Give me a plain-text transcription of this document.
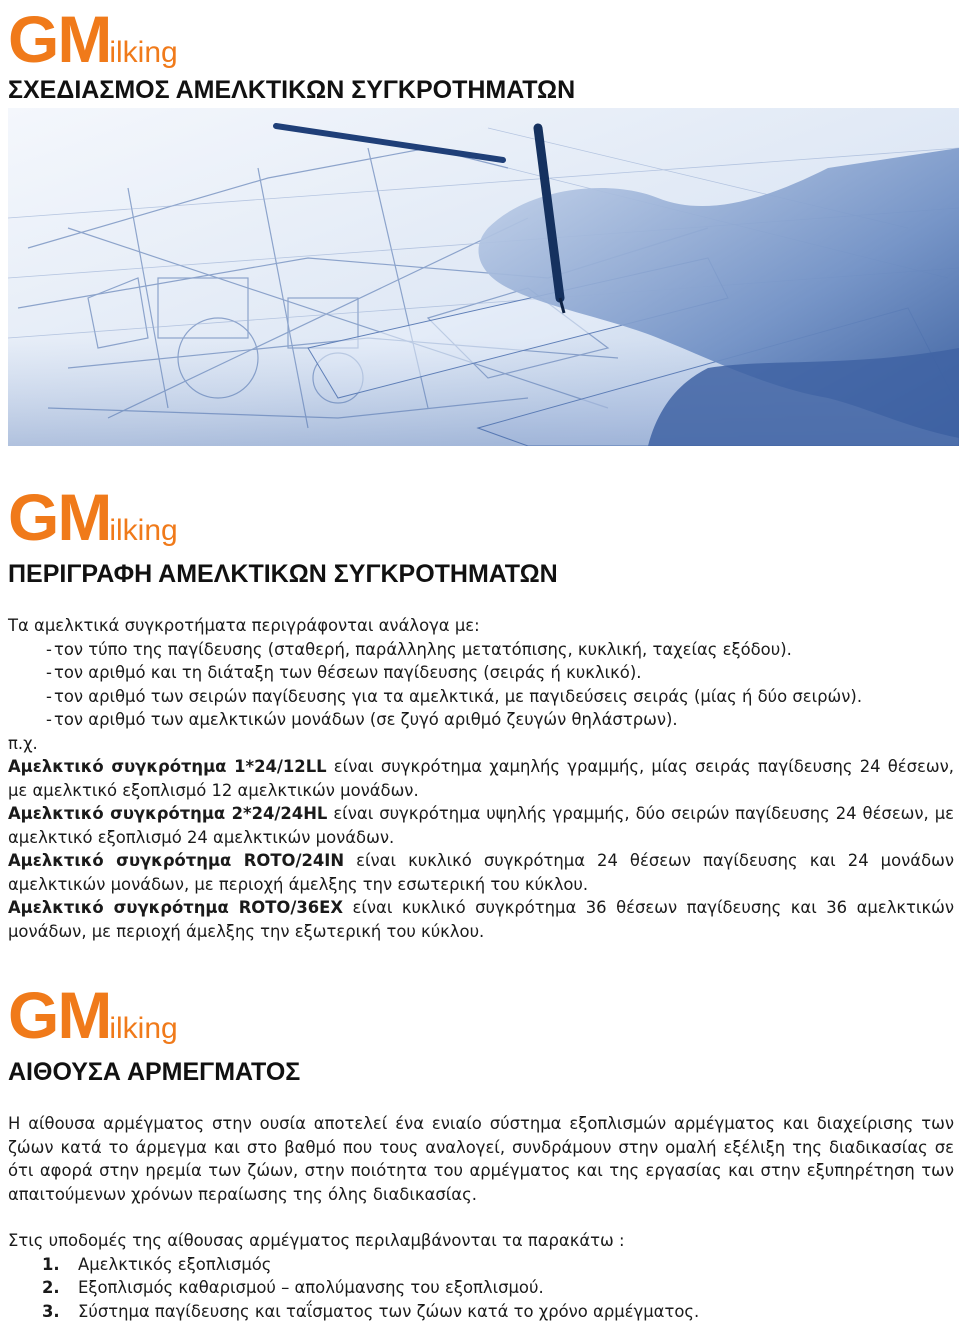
GMilking
ΣΧΕΔΙΑΣΜΟΣ ΑΜΕΛΚΤΙΚΩΝ ΣΥΓΚΡΟΤΗΜΑΤΩΝ
GMilking
ΠΕΡΙΓΡΑΦΗ ΑΜΕΛΚΤΙΚΩΝ ΣΥΓΚΡΟΤΗΜΑΤΩΝ

Τα αμελκτικά συγκροτήματα περιγράφονται ανάλογα με:

- τον τύπο της παγίδευσης (σταθερή, παράλληλης μετατόπισης, κυκλική, ταχείας εξόδου).
- τον αριθμό και τη διάταξη των θέσεων παγίδευσης (σειράς ή κυκλικό).
- τον αριθμό των σειρών παγίδευσης για τα αμελκτικά, με παγιδεύσεις σειράς (μίας ή δύο σειρών).
- τον αριθμό των αμελκτικών μονάδων (σε ζυγό αριθμό ζευγών θηλάστρων).

π.χ.

Αμελκτικό συγκρότημα 1*24/12LL είναι συγκρότημα χαμηλής γραμμής, μίας σειράς παγίδευσης 24 θέσεων, με αμελκτικό εξοπλισμό 12 αμελκτικών μονάδων.

Αμελκτικό συγκρότημα 2*24/24HL είναι συγκρότημα υψηλής γραμμής, δύο σειρών παγίδευσης 24 θέσεων, με αμελκτικό εξοπλισμό 24 αμελκτικών μονάδων.

Αμελκτικό συγκρότημα ROTO/24IN είναι κυκλικό συγκρότημα 24 θέσεων παγίδευσης και 24 μονάδων αμελκτικών μονάδων, με περιοχή άμελξης την εσωτερική του κύκλου.

Αμελκτικό συγκρότημα ROTO/36EX είναι κυκλικό συγκρότημα 36 θέσεων παγίδευσης και 36 αμελκτικών μονάδων, με περιοχή άμελξης την εξωτερική του κύκλου.

GMilking
ΑΙΘΟΥΣΑ ΑΡΜΕΓΜΑΤΟΣ

Η αίθουσα αρμέγματος στην ουσία αποτελεί ένα ενιαίο σύστημα εξοπλισμών αρμέγματος και διαχείρισης των ζώων κατά το άρμεγμα και στο βαθμό που τους αναλογεί, συνδράμουν στην ομαλή εξέλιξη της διαδικασίας σε ότι αφορά στην ηρεμία των ζώων, στην ποιότητα του αρμέγματος και της εργασίας και στην εξυπηρέτηση των απαιτούμενων χρόνων περαίωσης της όλης διαδικασίας.

Στις υποδομές της αίθουσας αρμέγματος περιλαμβάνονται τα παρακάτω :

1. Αμελκτικός εξοπλισμός
2. Εξοπλισμός καθαρισμού – απολύμανσης του εξοπλισμού.
3. Σύστημα παγίδευσης και ταΐσματος των ζώων κατά το χρόνο αρμέγματος.
